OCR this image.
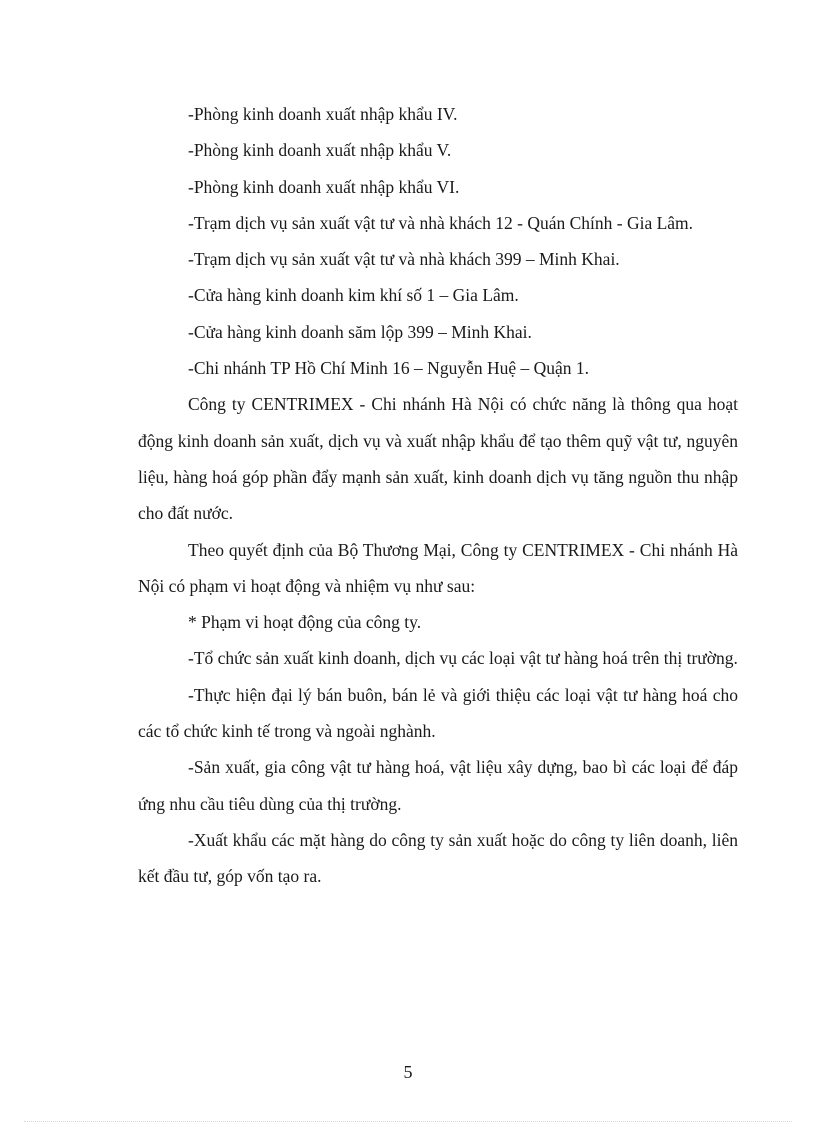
-Phòng kinh doanh xuất nhập khẩu IV.

-Phòng kinh doanh xuất nhập khẩu V.

-Phòng kinh doanh xuất nhập khẩu VI.

-Trạm dịch vụ sản xuất vật tư và nhà khách 12 - Quán Chính - Gia Lâm.

-Trạm dịch vụ sản xuất vật tư và nhà khách 399 – Minh Khai.

-Cửa hàng kinh doanh kim khí số 1 – Gia Lâm.

-Cửa hàng kinh doanh săm lộp 399 – Minh Khai.

-Chi nhánh TP Hồ Chí Minh 16 – Nguyễn Huệ – Quận 1.

Công ty CENTRIMEX - Chi nhánh Hà Nội có chức năng là thông qua hoạt động kinh doanh sản xuất, dịch vụ và xuất nhập khẩu để tạo thêm quỹ vật tư, nguyên liệu, hàng hoá góp phần đẩy mạnh sản xuất, kinh doanh dịch vụ tăng nguồn thu nhập cho đất nước.

Theo quyết định của Bộ Thương Mại, Công ty CENTRIMEX - Chi nhánh Hà Nội có phạm vi hoạt động và nhiệm vụ như sau:

* Phạm vi hoạt động của công ty.

-Tổ chức sản xuất kinh doanh, dịch vụ các loại vật tư hàng hoá trên thị trường.

-Thực hiện đại lý bán buôn, bán lẻ và giới thiệu các loại vật tư hàng hoá cho các tổ chức kinh tế trong và ngoài nghành.

-Sản xuất, gia công vật tư hàng hoá, vật liệu xây dựng, bao bì các loại để đáp ứng nhu cầu tiêu dùng của thị trường.

-Xuất khẩu các mặt hàng do công ty sản xuất hoặc do công ty liên doanh, liên kết đầu tư, góp vốn tạo ra.

5
